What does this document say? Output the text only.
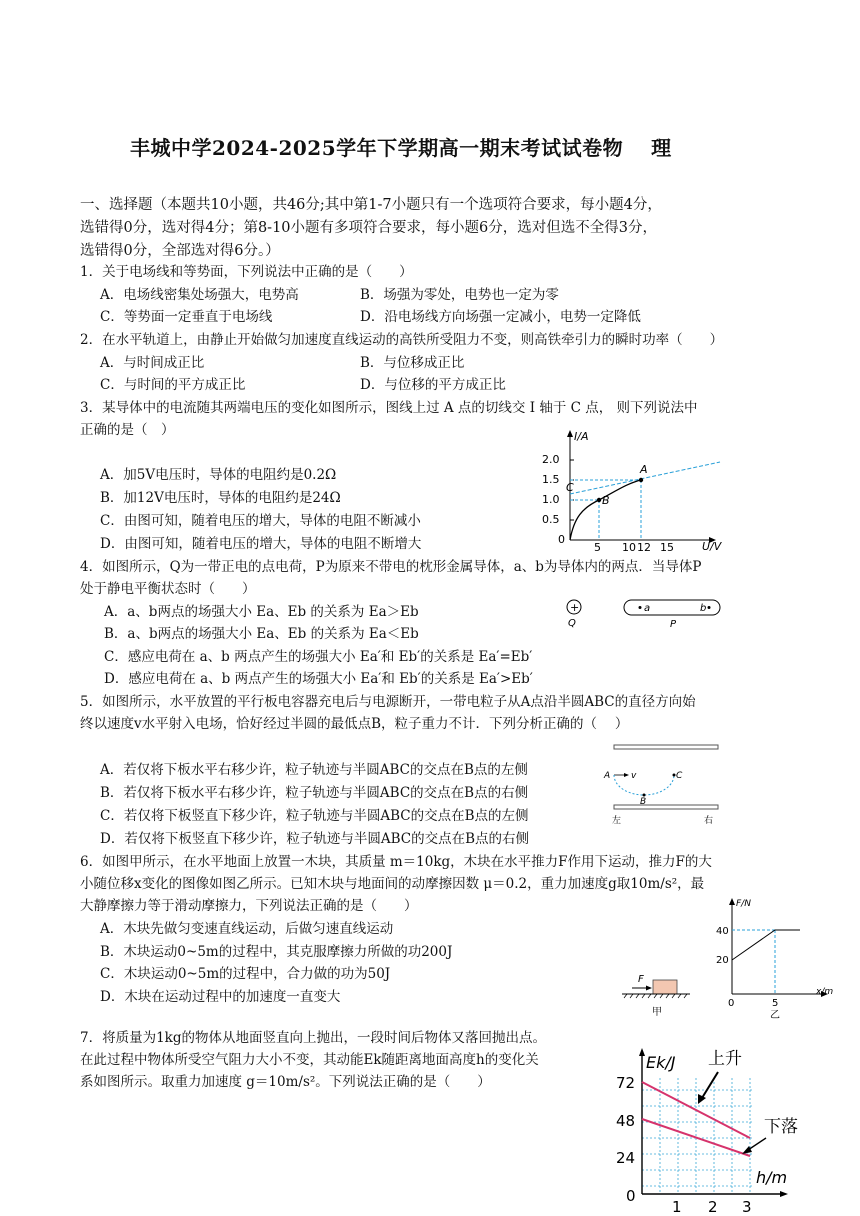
丰城中学2024-2025学年下学期高一期末考试试卷物　 理
一、选择题（本题共10小题，共46分;其中第1-7小题只有一个选项符合要求，每小题4分，
选错得0分，选对得4分；第8-10小题有多项符合要求，每小题6分，选对但选不全得3分，
选错得0分，全部选对得6分。）
1．关于电场线和等势面，下列说法中正确的是（　　）
A．电场线密集处场强大，电势高	B．场强为零处，电势也一定为零
C．等势面一定垂直于电场线	D．沿电场线方向场强一定减小，电势一定降低
2．在水平轨道上，由静止开始做匀加速度直线运动的高铁所受阻力不变，则高铁牵引力的瞬时功率（　　）
A．与时间成正比	B．与位移成正比
C．与时间的平方成正比	D．与位移的平方成正比
3．某导体中的电流随其两端电压的变化如图所示，图线上过 A 点的切线交 I 轴于 C 点， 则下列说法中
正确的是（　）
A．加5V电压时，导体的电阻约是0.2Ω
B．加12V电压时，导体的电阻约是24Ω
C．由图可知，随着电压的增大，导体的电阻不断减小
D．由图可知，随着电压的增大，导体的电阻不断增大
I/A
U/V
2.0
1.5
1.0
0.5
0
5 10 12 15
B
A
C
4．如图所示，Q为一带正电的点电荷，P为原来不带电的枕形金属导体，a、b为导体内的两点．当导体P
处于静电平衡状态时（　　）
A．a、b两点的场强大小 Ea、Eb 的关系为 Ea＞Eb
B．a、b两点的场强大小 Ea、Eb 的关系为 Ea＜Eb
C．感应电荷在 a、b 两点产生的场强大小 Ea′和 Eb′的关系是 Ea′=Eb′
D．感应电荷在 a、b 两点产生的场强大小 Ea′和 Eb′的关系是 Ea′>Eb′
+
Q
a	b
P
5．如图所示，水平放置的平行板电容器充电后与电源断开，一带电粒子从A点沿半圆ABC的直径方向始
终以速度v水平射入电场，恰好经过半圆的最低点B，粒子重力不计．下列分析正确的（　 ）
A．若仅将下板水平右移少许，粒子轨迹与半圆ABC的交点在B点的左侧
B．若仅将下板水平右移少许，粒子轨迹与半圆ABC的交点在B点的右侧
C．若仅将下板竖直下移少许，粒子轨迹与半圆ABC的交点在B点的左侧
D．若仅将下板竖直下移少许，粒子轨迹与半圆ABC的交点在B点的右侧
A v	C
B
左	右
6．如图甲所示，在水平地面上放置一木块，其质量 m＝10kg，木块在水平推力F作用下运动，推力F的大
小随位移x变化的图像如图乙所示。已知木块与地面间的动摩擦因数 μ＝0.2，重力加速度g取10m/s²，最
大静摩擦力等于滑动摩擦力，下列说法正确的是（　　）
A．木块先做匀变速直线运动，后做匀速直线运动
B．木块运动0~5m的过程中，其克服摩擦力所做的功200J
C．木块运动0~5m的过程中，合力做的功为50J
D．木块在运动过程中的加速度一直变大
F
甲
F/N
x/m
40
20
0	5
乙
7．将质量为1kg的物体从地面竖直向上抛出，一段时间后物体又落回抛出点。
在此过程中物体所受空气阻力大小不变，其动能Ek随距离地面高度h的变化关
系如图所示。取重力加速度 g＝10m/s²。下列说法正确的是（　　）
Ek/J
h/m
72
48
24
0
1 2 3
上升
下落
